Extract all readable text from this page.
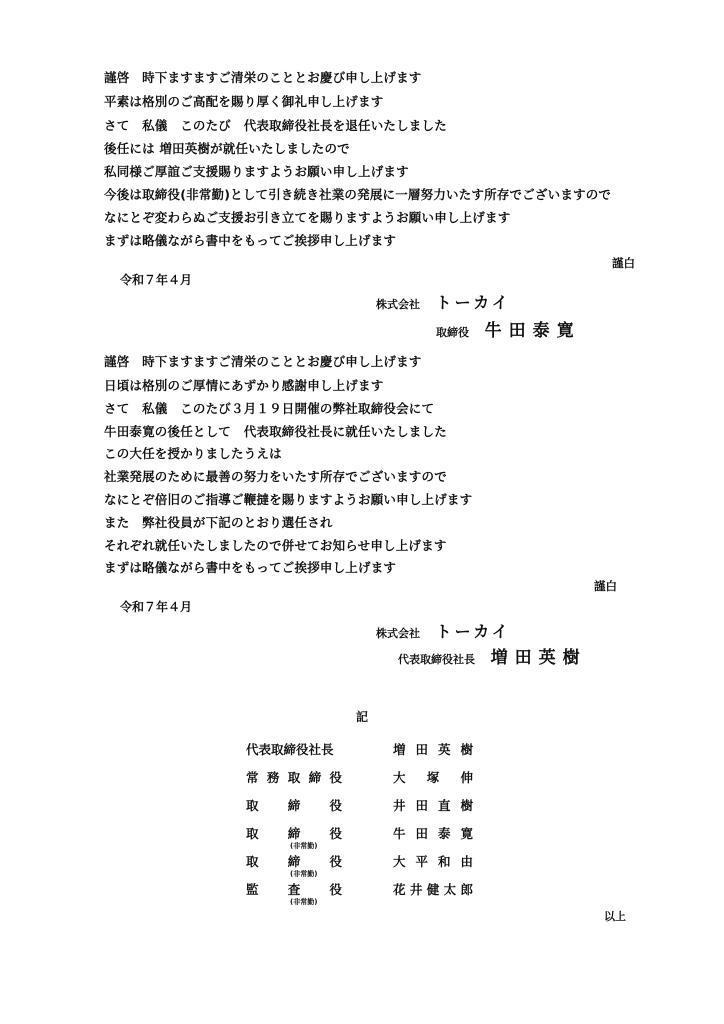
謹啓　時下ますますご清栄のこととお慶び申し上げます
平素は格別のご高配を賜り厚く御礼申し上げます
さて　私儀　このたび　代表取締役社長を退任いたしました
後任には 増田英樹が就任いたしましたので
私同様ご厚誼ご支援賜りますようお願い申し上げます
今後は取締役(非常勤)として引き続き社業の発展に一層努力いたす所存でございますので
なにとぞ変わらぬご支援お引き立てを賜りますようお願い申し上げます
まずは略儀ながら書中をもってご挨拶申し上げます
謹白
令和７年４月
株式会社 トーカイ
取締役 牛田泰寛
謹啓　時下ますますご清栄のこととお慶び申し上げます
日頃は格別のご厚情にあずかり感謝申し上げます
さて　私儀　このたび３月１９日開催の弊社取締役会にて
牛田泰寛の後任として　代表取締役社長に就任いたしました
この大任を授かりましたうえは
社業発展のために最善の努力をいたす所存でございますので
なにとぞ倍旧のご指導ご鞭撻を賜りますようお願い申し上げます
また　弊社役員が下記のとおり選任され
それぞれ就任いたしましたので併せてお知らせ申し上げます
まずは略儀ながら書中をもってご挨拶申し上げます
謹白
令和７年４月
株式会社 トーカイ
代表取締役社長 増田英樹
記
代表取締役社長	増 田 英 樹
常 務 取 締 役	大 塚 伸
取 締 役	井 田 直 樹
取 締 役	牛 田 泰 寛
(非常勤)
取 締 役	大 平 和 由
(非常勤)
監 査 役	花 井 健 太 郎
(非常勤)
以上
